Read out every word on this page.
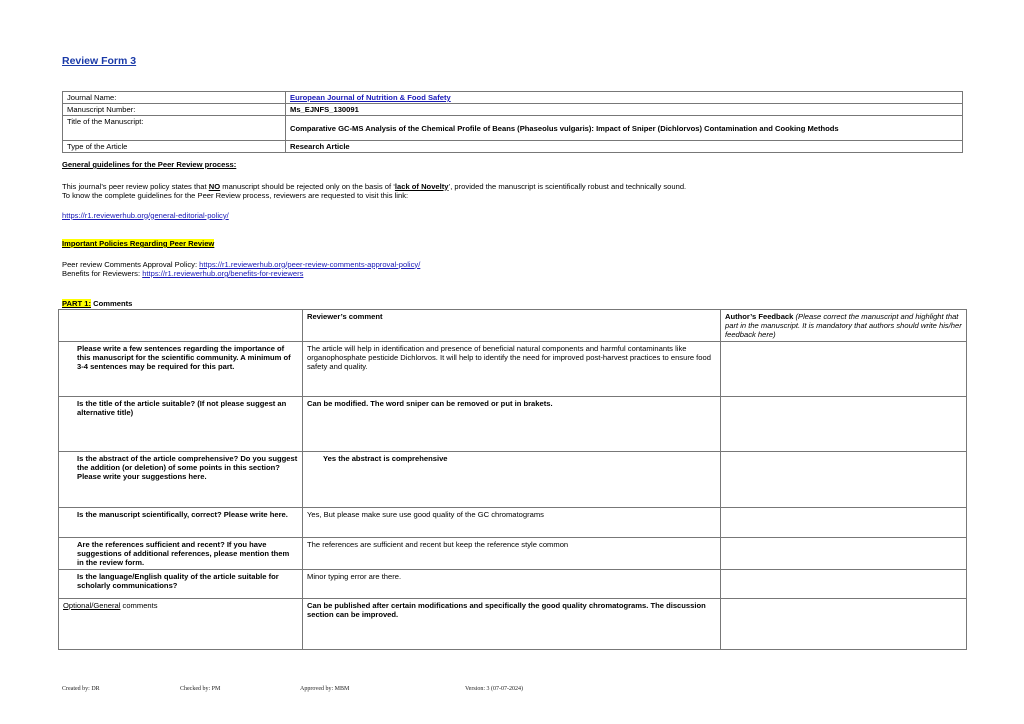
Review Form 3
Journal Name:	European Journal of Nutrition & Food Safety
Manuscript Number:	Ms_EJNFS_130091
Title of the Manuscript:	Comparative GC-MS Analysis of the Chemical Profile of Beans (Phaseolus vulgaris): Impact of Sniper (Dichlorvos) Contamination and Cooking Methods
Type of the Article	Research Article

General guidelines for the Peer Review process:

This journal’s peer review policy states that NO manuscript should be rejected only on the basis of ‘lack of Novelty’, provided the manuscript is scientifically robust and technically sound.

To know the complete guidelines for the Peer Review process, reviewers are requested to visit this link:

https://r1.reviewerhub.org/general-editorial-policy/

Important Policies Regarding Peer Review

Peer review Comments Approval Policy: https://r1.reviewerhub.org/peer-review-comments-approval-policy/

Benefits for Reviewers: https://r1.reviewerhub.org/benefits-for-reviewers

PART 1: Comments
	Reviewer’s comment	Author’s Feedback (Please correct the manuscript and highlight that part in the manuscript. It is mandatory that authors should write his/her feedback here)
Please write a few sentences regarding the importance of this manuscript for the scientific community. A minimum of 3-4 sentences may be required for this part.	The article will help in identification and presence of beneficial natural components and harmful contaminants like organophosphate pesticide Dichlorvos. It will help to identify the need for improved post-harvest practices to ensure food safety and quality.	
Is the title of the article suitable? (If not please suggest an alternative title)	Can be modified. The word sniper can be removed or put in brakets.	
Is the abstract of the article comprehensive? Do you suggest the addition (or deletion) of some points in this section? Please write your suggestions here.	Yes the abstract is comprehensive	
Is the manuscript scientifically, correct? Please write here.	Yes, But please make sure use good quality of the GC chromatograms	
Are the references sufficient and recent? If you have suggestions of additional references, please mention them in the review form.	The references are sufficient and recent but keep the reference style common	
Is the language/English quality of the article suitable for scholarly communications?	Minor typing error are there.	
Optional/General comments	Can be published after certain modifications and specifically the good quality chromatograms. The discussion section can be improved.	
Created by: DR	Checked by: PM	Approved by: MBM	Version: 3 (07-07-2024)
